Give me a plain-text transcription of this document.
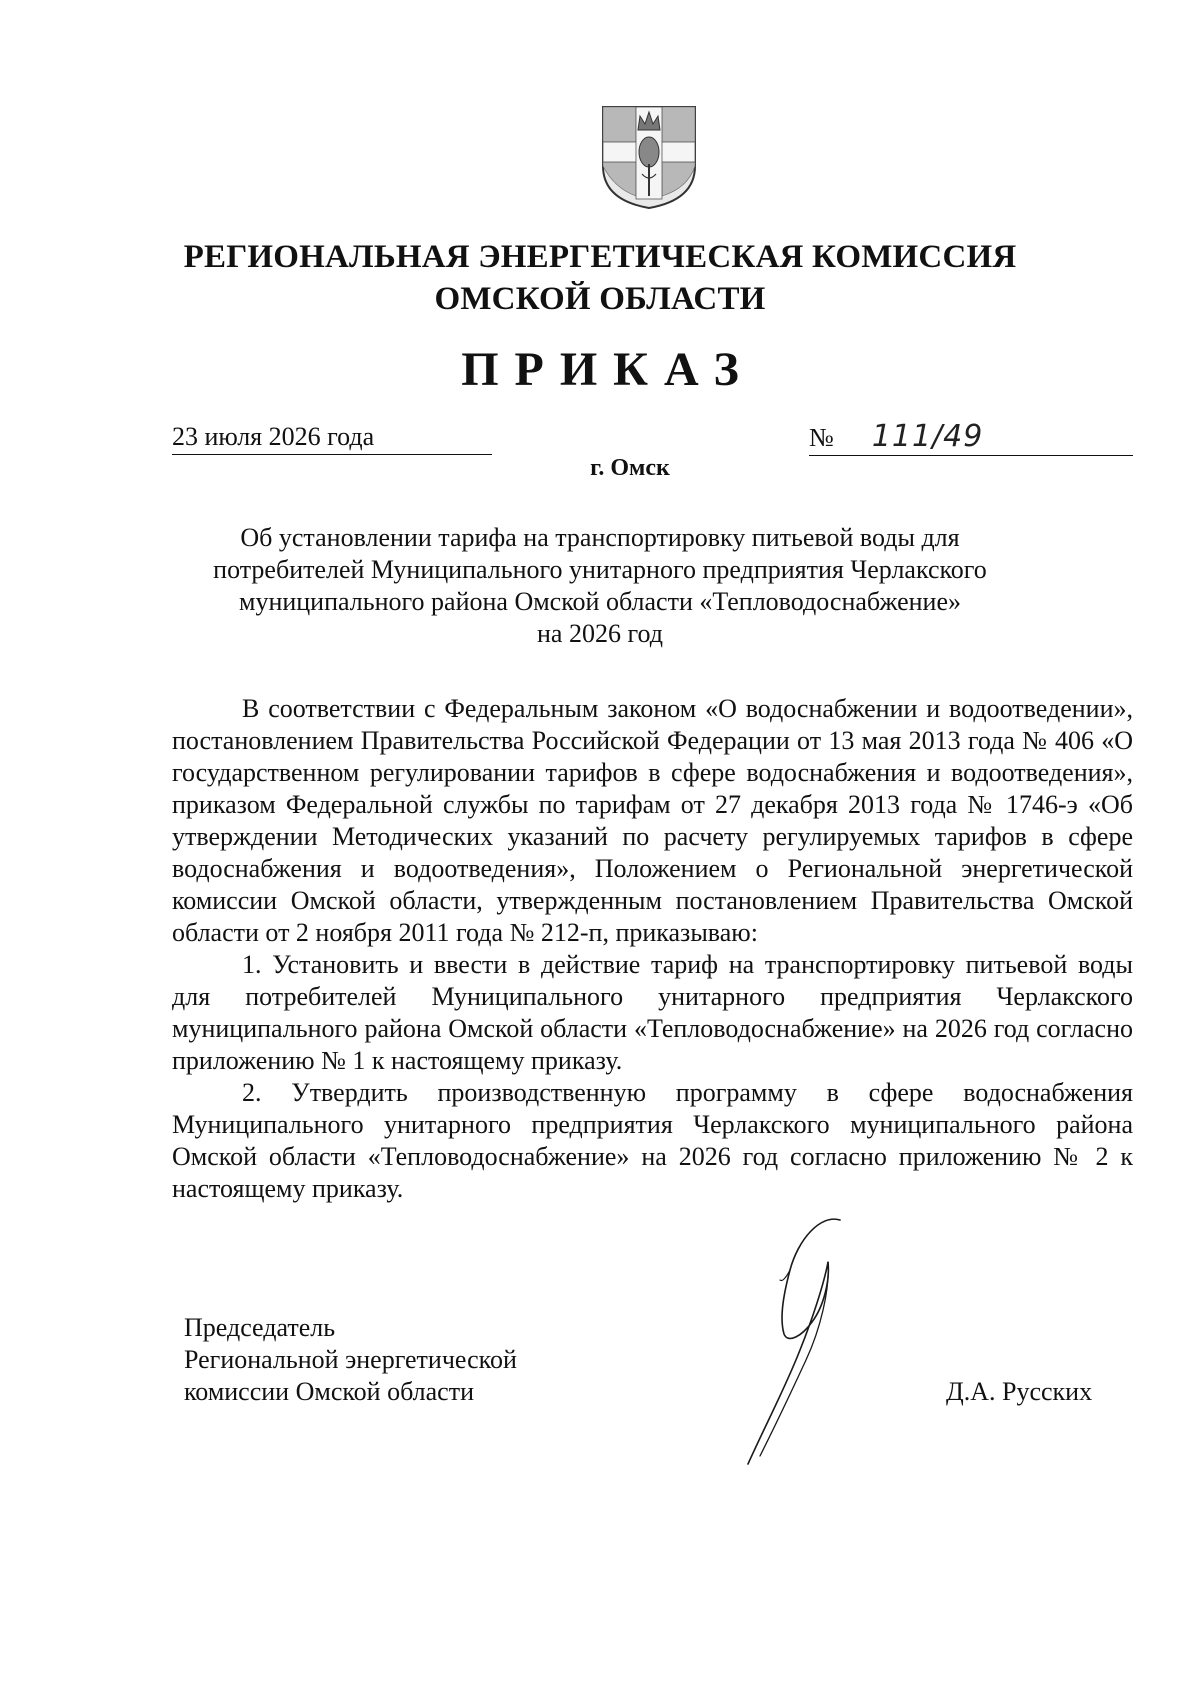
РЕГИОНАЛЬНАЯ ЭНЕРГЕТИЧЕСКАЯ КОМИССИЯ
ОМСКОЙ ОБЛАСТИ
ПРИКАЗ
23 июля 2026 года	№ 111/49
г. Омск
Об установлении тарифа на транспортировку питьевой воды для
потребителей Муниципального унитарного предприятия Черлакского
муниципального района Омской области «Тепловодоснабжение»
на 2026 год

В соответствии с Федеральным законом «О водоснабжении и водоотведении», постановлением Правительства Российской Федерации от 13 мая 2013 года № 406 «О государственном регулировании тарифов в сфере водоснабжения и водоотведения», приказом Федеральной службы по тарифам от 27 декабря 2013 года № 1746-э «Об утверждении Методических указаний по расчету регулируемых тарифов в сфере водоснабжения и водоотведения», Положением о Региональной энергетической комиссии Омской области, утвержденным постановлением Правительства Омской области от 2 ноября 2011 года № 212-п, приказываю:

1. Установить и ввести в действие тариф на транспортировку питьевой воды для потребителей Муниципального унитарного предприятия Черлакского муниципального района Омской области «Тепловодоснабжение» на 2026 год согласно приложению № 1 к настоящему приказу.

2. Утвердить производственную программу в сфере водоснабжения Муниципального унитарного предприятия Черлакского муниципального района Омской области «Тепловодоснабжение» на 2026 год согласно приложению № 2 к настоящему приказу.

Председатель
Региональной энергетической
комиссии Омской области	Д.А. Русских
